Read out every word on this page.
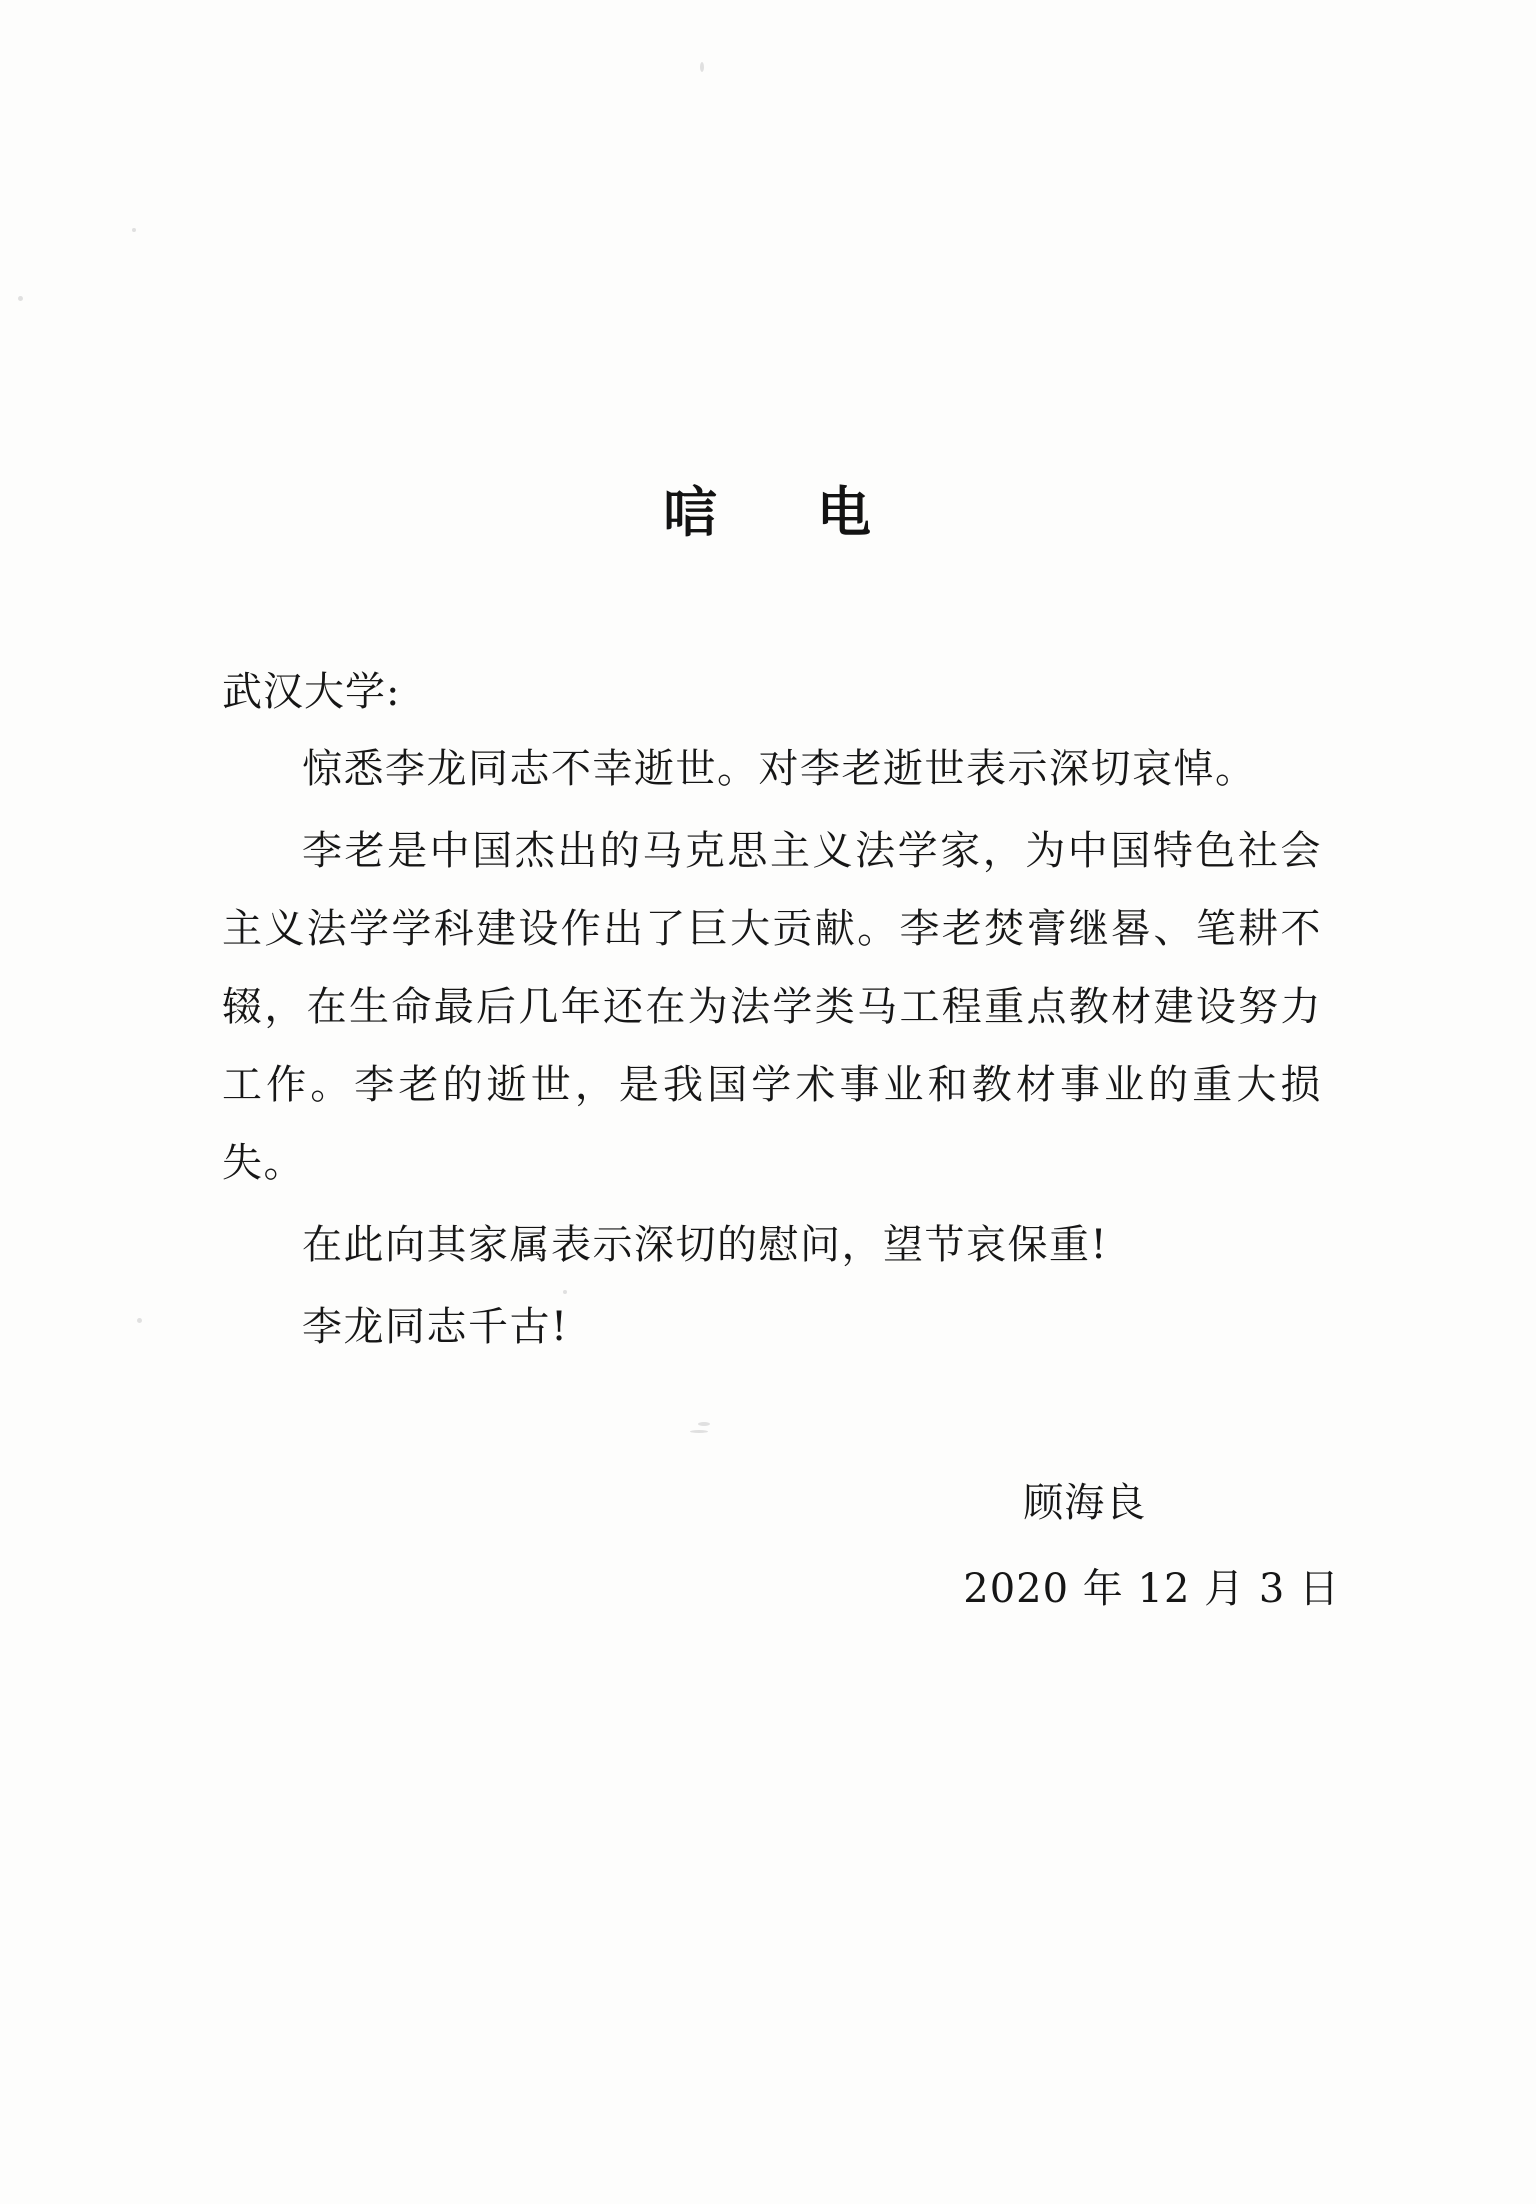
唁 电
武汉大学:

惊悉李龙同志不幸逝世。对李老逝世表示深切哀悼。

李老是中国杰出的马克思主义法学家，为中国特色社会主义法学学科建设作出了巨大贡献。李老焚膏继晷、笔耕不辍，在生命最后几年还在为法学类马工程重点教材建设努力工作。李老的逝世，是我国学术事业和教材事业的重大损失。

在此向其家属表示深切的慰问，望节哀保重!

李龙同志千古!

顾海良
2020 年 12 月 3 日
